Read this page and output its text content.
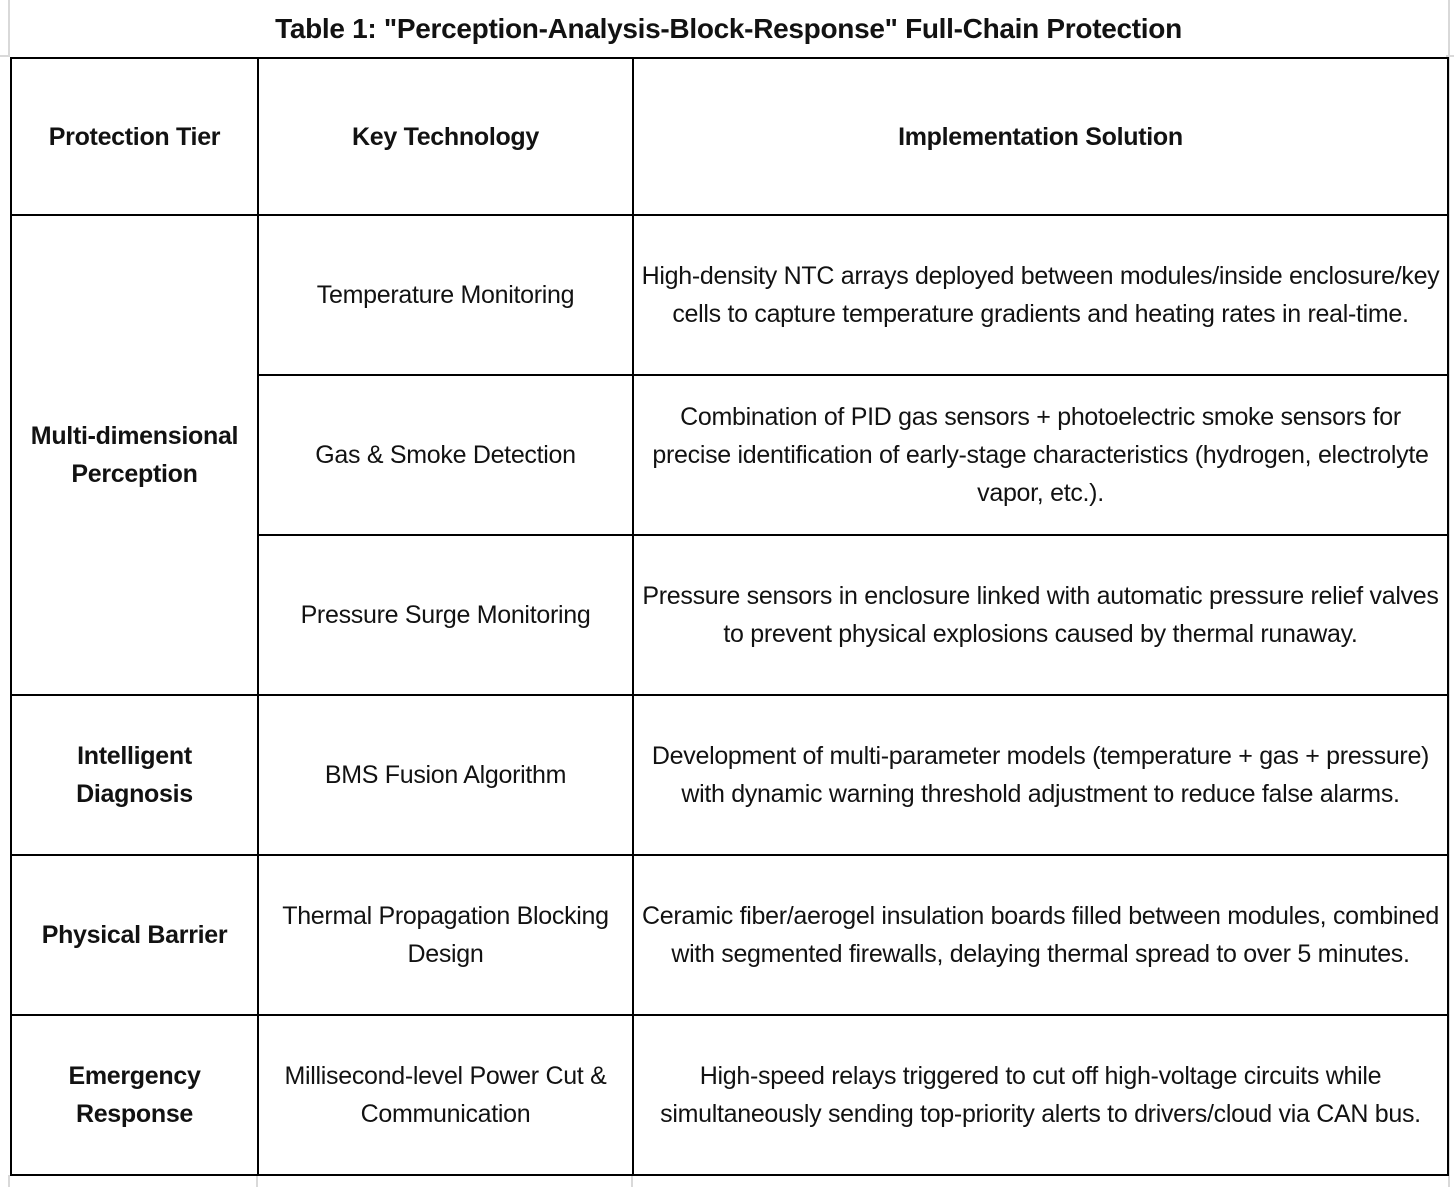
Table 1: "Perception-Analysis-Block-Response" Full-Chain Protection
Protection Tier	Key Technology	Implementation Solution
Multi-dimensional Perception	Temperature Monitoring	High-density NTC arrays deployed between modules/inside enclosure/key cells to capture temperature gradients and heating rates in real-time.
	Gas & Smoke Detection	Combination of PID gas sensors + photoelectric smoke sensors for precise identification of early-stage characteristics (hydrogen, electrolyte vapor, etc.).
	Pressure Surge Monitoring	Pressure sensors in enclosure linked with automatic pressure relief valves to prevent physical explosions caused by thermal runaway.
Intelligent Diagnosis	BMS Fusion Algorithm	Development of multi-parameter models (temperature + gas + pressure) with dynamic warning threshold adjustment to reduce false alarms.
Physical Barrier	Thermal Propagation Blocking Design	Ceramic fiber/aerogel insulation boards filled between modules, combined with segmented firewalls, delaying thermal spread to over 5 minutes.
Emergency Response	Millisecond-level Power Cut & Communication	High-speed relays triggered to cut off high-voltage circuits while simultaneously sending top-priority alerts to drivers/cloud via CAN bus.
